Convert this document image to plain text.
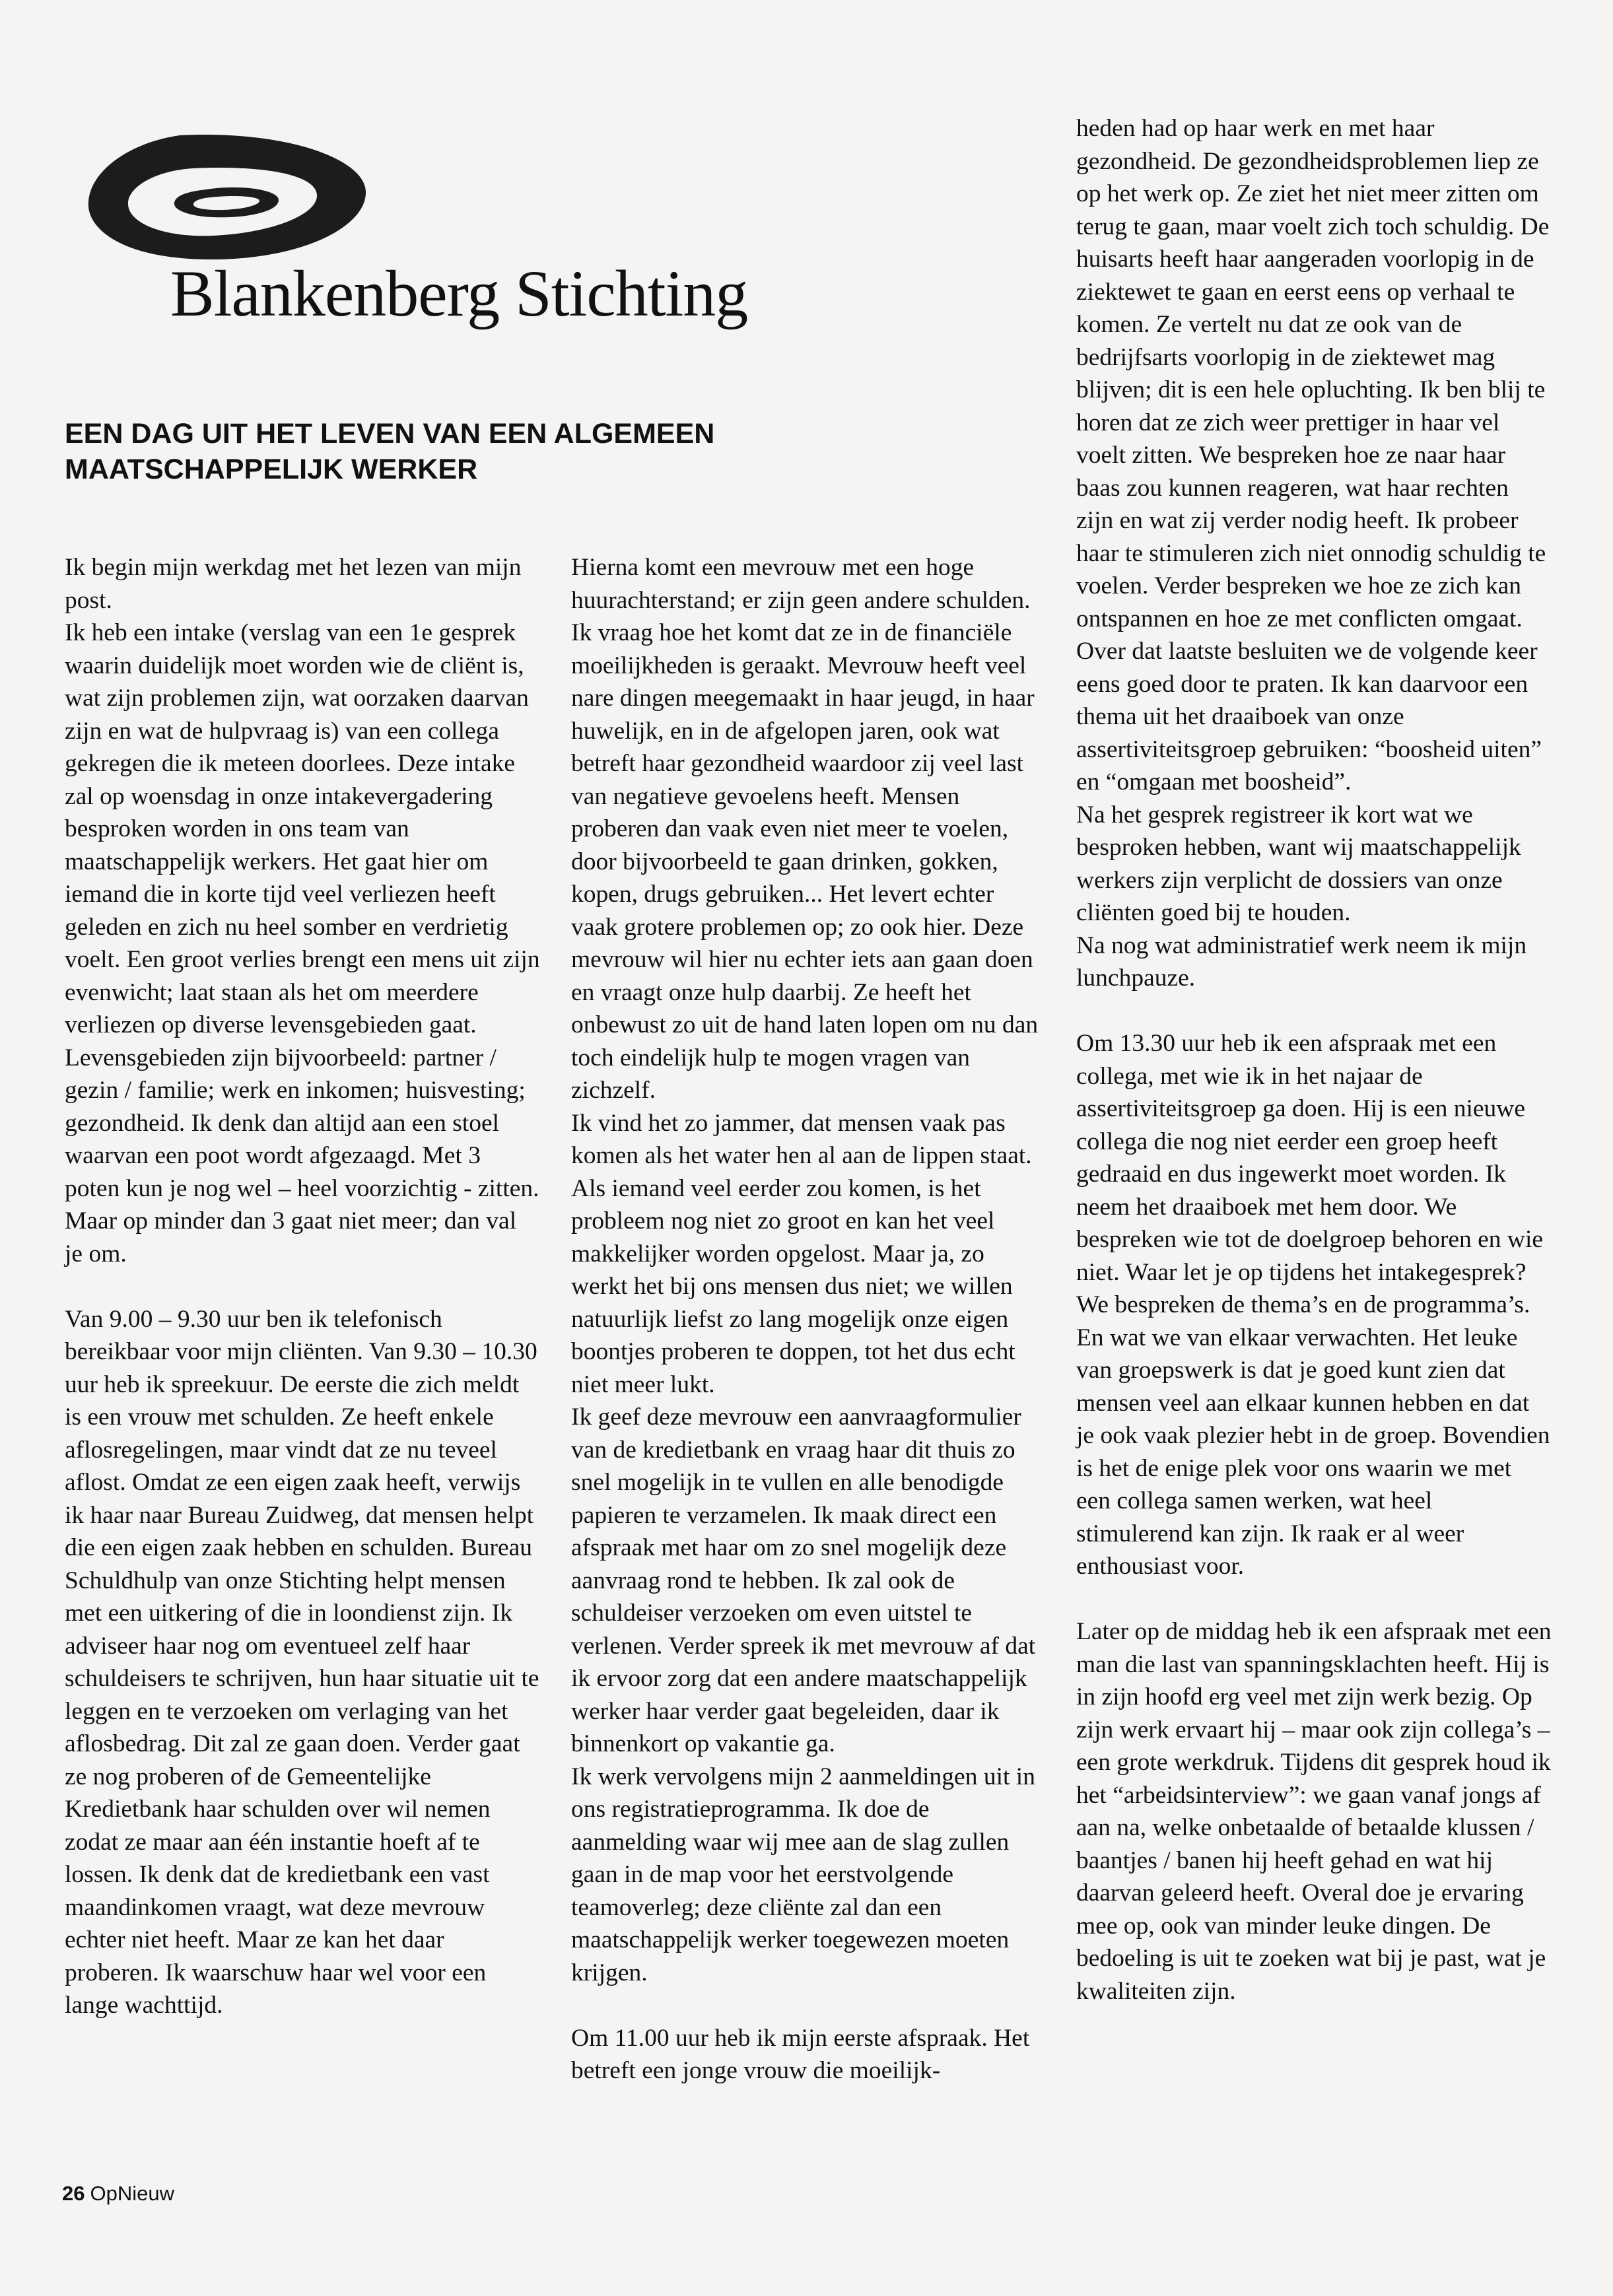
Blankenberg Stichting
EEN DAG UIT HET LEVEN VAN EEN ALGEMEEN
MAATSCHAPPELIJK WERKER

Ik begin mijn werkdag met het lezen van mijn post.

Ik heb een intake (verslag van een 1e gesprek waarin duidelijk moet worden wie de cliënt is, wat zijn problemen zijn, wat oorzaken daarvan zijn en wat de hulpvraag is) van een collega gekregen die ik meteen doorlees. Deze intake zal op woensdag in onze intakevergadering besproken worden in ons team van maatschappelijk werkers. Het gaat hier om iemand die in korte tijd veel verliezen heeft geleden en zich nu heel somber en verdrietig voelt. Een groot verlies brengt een mens uit zijn evenwicht; laat staan als het om meerdere verliezen op diverse levensgebieden gaat. Levensgebieden zijn bijvoorbeeld: partner / gezin / familie; werk en inkomen; huisvesting; gezondheid. Ik denk dan altijd aan een stoel waarvan een poot wordt afgezaagd. Met 3 poten kun je nog wel – heel voorzichtig - zitten. Maar op minder dan 3 gaat niet meer; dan val je om.

Van 9.00 – 9.30 uur ben ik telefonisch bereikbaar voor mijn cliënten. Van 9.30 – 10.30 uur heb ik spreekuur. De eerste die zich meldt is een vrouw met schulden. Ze heeft enkele aflosregelingen, maar vindt dat ze nu teveel aflost. Omdat ze een eigen zaak heeft, verwijs ik haar naar Bureau Zuidweg, dat mensen helpt die een eigen zaak hebben en schulden. Bureau Schuldhulp van onze Stichting helpt mensen met een uitkering of die in loondienst zijn. Ik adviseer haar nog om eventueel zelf haar schuldeisers te schrijven, hun haar situatie uit te leggen en te verzoeken om verlaging van het aflosbedrag. Dit zal ze gaan doen. Verder gaat ze nog proberen of de Gemeentelijke Kredietbank haar schulden over wil nemen zodat ze maar aan één instantie hoeft af te lossen. Ik denk dat de kredietbank een vast maandinkomen vraagt, wat deze mevrouw echter niet heeft. Maar ze kan het daar proberen. Ik waarschuw haar wel voor een lange wachttijd.

Hierna komt een mevrouw met een hoge huurachterstand; er zijn geen andere schulden. Ik vraag hoe het komt dat ze in de financiële moeilijkheden is geraakt. Mevrouw heeft veel nare dingen meegemaakt in haar jeugd, in haar huwelijk, en in de afgelopen jaren, ook wat betreft haar gezondheid waardoor zij veel last van negatieve gevoelens heeft. Mensen proberen dan vaak even niet meer te voelen, door bijvoorbeeld te gaan drinken, gokken, kopen, drugs gebruiken... Het levert echter vaak grotere problemen op; zo ook hier. Deze mevrouw wil hier nu echter iets aan gaan doen en vraagt onze hulp daarbij. Ze heeft het onbewust zo uit de hand laten lopen om nu dan toch eindelijk hulp te mogen vragen van zichzelf.

Ik vind het zo jammer, dat mensen vaak pas komen als het water hen al aan de lippen staat. Als iemand veel eerder zou komen, is het probleem nog niet zo groot en kan het veel makkelijker worden opgelost. Maar ja, zo werkt het bij ons mensen dus niet; we willen natuurlijk liefst zo lang mogelijk onze eigen boontjes proberen te doppen, tot het dus echt niet meer lukt.

Ik geef deze mevrouw een aanvraagformulier van de kredietbank en vraag haar dit thuis zo snel mogelijk in te vullen en alle benodigde papieren te verzamelen. Ik maak direct een afspraak met haar om zo snel mogelijk deze aanvraag rond te hebben. Ik zal ook de schuldeiser verzoeken om even uitstel te verlenen. Verder spreek ik met mevrouw af dat ik ervoor zorg dat een andere maatschappelijk werker haar verder gaat begeleiden, daar ik binnenkort op vakantie ga.

Ik werk vervolgens mijn 2 aanmeldingen uit in ons registratieprogramma. Ik doe de aanmelding waar wij mee aan de slag zullen gaan in de map voor het eerstvolgende teamoverleg; deze cliënte zal dan een maatschappelijk werker toegewezen moeten krijgen.

Om 11.00 uur heb ik mijn eerste afspraak. Het betreft een jonge vrouw die moeilijk-

heden had op haar werk en met haar gezondheid. De gezondheidsproblemen liep ze op het werk op. Ze ziet het niet meer zitten om terug te gaan, maar voelt zich toch schuldig. De huisarts heeft haar aangeraden voorlopig in de ziektewet te gaan en eerst eens op verhaal te komen. Ze vertelt nu dat ze ook van de bedrijfsarts voorlopig in de ziektewet mag blijven; dit is een hele opluchting. Ik ben blij te horen dat ze zich weer prettiger in haar vel voelt zitten. We bespreken hoe ze naar haar baas zou kunnen reageren, wat haar rechten zijn en wat zij verder nodig heeft. Ik probeer haar te stimuleren zich niet onnodig schuldig te voelen. Verder bespreken we hoe ze zich kan ontspannen en hoe ze met conflicten omgaat. Over dat laatste besluiten we de volgende keer eens goed door te praten. Ik kan daarvoor een thema uit het draaiboek van onze assertiviteitsgroep gebruiken: “boosheid uiten” en “omgaan met boosheid”.

Na het gesprek registreer ik kort wat we besproken hebben, want wij maatschappelijk werkers zijn verplicht de dossiers van onze cliënten goed bij te houden.

Na nog wat administratief werk neem ik mijn lunchpauze.

Om 13.30 uur heb ik een afspraak met een collega, met wie ik in het najaar de assertiviteitsgroep ga doen. Hij is een nieuwe collega die nog niet eerder een groep heeft gedraaid en dus ingewerkt moet worden. Ik neem het draaiboek met hem door. We bespreken wie tot de doelgroep behoren en wie niet. Waar let je op tijdens het intakegesprek? We bespreken de thema’s en de programma’s. En wat we van elkaar verwachten. Het leuke van groepswerk is dat je goed kunt zien dat mensen veel aan elkaar kunnen hebben en dat je ook vaak plezier hebt in de groep. Bovendien is het de enige plek voor ons waarin we met een collega samen werken, wat heel stimulerend kan zijn. Ik raak er al weer enthousiast voor.

Later op de middag heb ik een afspraak met een man die last van spanningsklachten heeft. Hij is in zijn hoofd erg veel met zijn werk bezig. Op zijn werk ervaart hij – maar ook zijn collega’s – een grote werkdruk. Tijdens dit gesprek houd ik het “arbeidsinterview”: we gaan vanaf jongs af aan na, welke onbetaalde of betaalde klussen / baantjes / banen hij heeft gehad en wat hij daarvan geleerd heeft. Overal doe je ervaring mee op, ook van minder leuke dingen. De bedoeling is uit te zoeken wat bij je past, wat je kwaliteiten zijn.

26 OpNieuw
